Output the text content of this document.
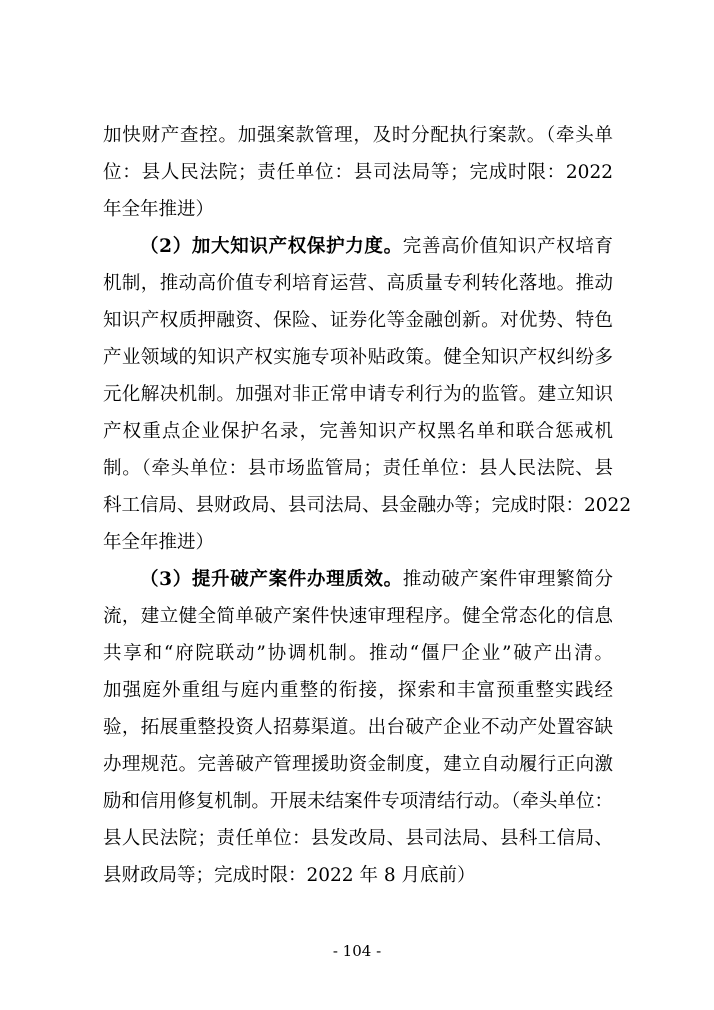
加快财产查控。加强案款管理，及时分配执行案款。（牵头单
位：县人民法院；责任单位：县司法局等；完成时限：2022
年全年推进）
（2）加大知识产权保护力度。完善高价值知识产权培育
机制，推动高价值专利培育运营、高质量专利转化落地。推动
知识产权质押融资、保险、证券化等金融创新。对优势、特色
产业领域的知识产权实施专项补贴政策。健全知识产权纠纷多
元化解决机制。加强对非正常申请专利行为的监管。建立知识
产权重点企业保护名录，完善知识产权黑名单和联合惩戒机
制。（牵头单位：县市场监管局；责任单位：县人民法院、县
科工信局、县财政局、县司法局、县金融办等；完成时限：2022
年全年推进）
（3）提升破产案件办理质效。推动破产案件审理繁简分
流，建立健全简单破产案件快速审理程序。健全常态化的信息
共享和“府院联动”协调机制。推动“僵尸企业”破产出清。
加强庭外重组与庭内重整的衔接，探索和丰富预重整实践经
验，拓展重整投资人招募渠道。出台破产企业不动产处置容缺
办理规范。完善破产管理援助资金制度，建立自动履行正向激
励和信用修复机制。开展未结案件专项清结行动。（牵头单位：
县人民法院；责任单位：县发改局、县司法局、县科工信局、
县财政局等；完成时限：2022 年 8 月底前）
- 104 -
